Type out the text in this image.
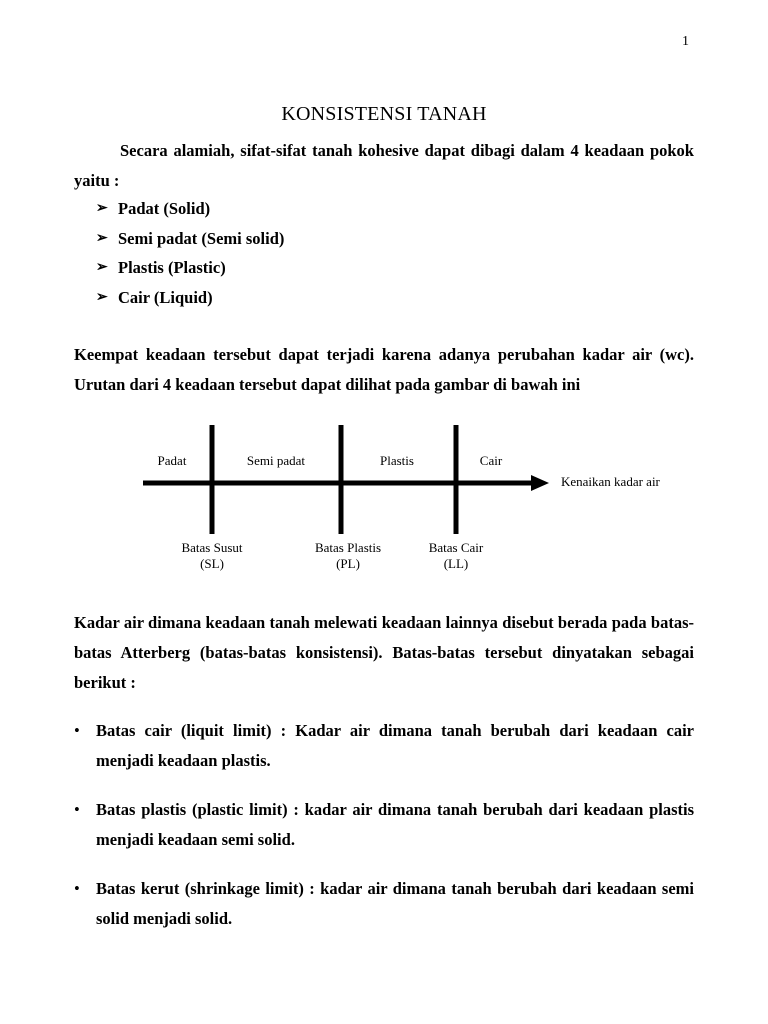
1
KONSISTENSI TANAH

Secara alamiah, sifat-sifat tanah kohesive dapat dibagi dalam 4 keadaan pokok yaitu :

➢ Padat (Solid)
➢ Semi padat (Semi solid)
➢ Plastis (Plastic)
➢ Cair (Liquid)

Keempat keadaan tersebut dapat terjadi karena adanya perubahan kadar air (wc). Urutan dari 4 keadaan tersebut dapat dilihat pada gambar di bawah ini

Padat	Semi padat	Plastis	Cair
Kenaikan kadar air
Batas Susut
(SL)
Batas Plastis
(PL)
Batas Cair
(LL)

Kadar air dimana keadaan tanah melewati keadaan lainnya disebut berada pada batas-batas Atterberg (batas-batas konsistensi). Batas-batas tersebut dinyatakan sebagai berikut :

• Batas cair (liquit limit) : Kadar air dimana tanah berubah dari keadaan cair menjadi keadaan plastis.
• Batas plastis (plastic limit) : kadar air dimana tanah berubah dari keadaan plastis menjadi keadaan semi solid.
• Batas kerut (shrinkage limit) : kadar air dimana tanah berubah dari keadaan semi solid menjadi solid.
